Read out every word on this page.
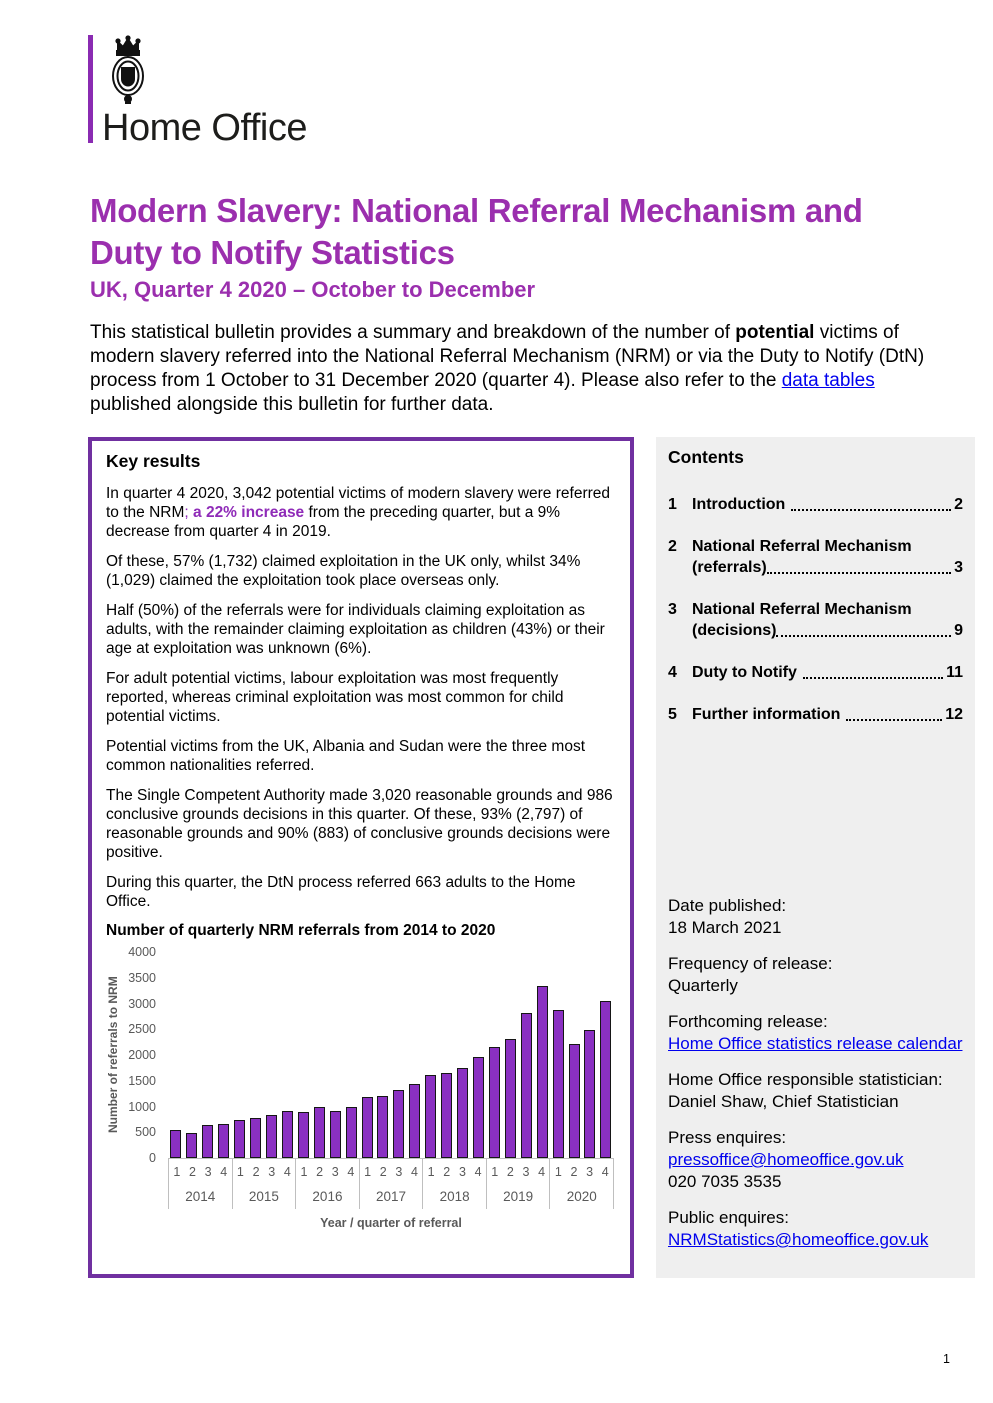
Home Office
Modern Slavery: National Referral Mechanism and Duty to Notify Statistics
UK, Quarter 4 2020 – October to December

This statistical bulletin provides a summary and breakdown of the number of potential victims of modern slavery referred into the National Referral Mechanism (NRM) or via the Duty to Notify (DtN) process from 1 October to 31 December 2020 (quarter 4). Please also refer to the data tables published alongside this bulletin for further data.

Key results

In quarter 4 2020, 3,042 potential victims of modern slavery were referred to the NRM; a 22% increase from the preceding quarter, but a 9% decrease from quarter 4 in 2019.

Of these, 57% (1,732) claimed exploitation in the UK only, whilst 34% (1,029) claimed the exploitation took place overseas only.

Half (50%) of the referrals were for individuals claiming exploitation as adults, with the remainder claiming exploitation as children (43%) or their age at exploitation was unknown (6%).

For adult potential victims, labour exploitation was most frequently reported, whereas criminal exploitation was most common for child potential victims.

Potential victims from the UK, Albania and Sudan were the three most common nationalities referred.

The Single Competent Authority made 3,020 reasonable grounds and 986 conclusive grounds decisions in this quarter. Of these, 93% (2,797) of reasonable grounds and 90% (883) of conclusive grounds decisions were positive.

During this quarter, the DtN process referred 663 adults to the Home Office.

Number of quarterly NRM referrals from 2014 to 2020
Number of referrals to NRM
4000
3500
3000
2500
2000
1500
1000
500
0
1 2 3 4
2014
1 2 3 4
2015
1 2 3 4
2016
1 2 3 4
2017
1 2 3 4
2018
1 2 3 4
2019
1 2 3 4
2020
Year / quarter of referral
Contents
1 Introduction	2
2 National Referral Mechanism
(referrals)	3
3 National Referral Mechanism
(decisions)	9
4 Duty to Notify	11
5 Further information	12
Date published:
18 March 2021
Frequency of release:
Quarterly
Forthcoming release:
Home Office statistics release calendar
Home Office responsible statistician:
Daniel Shaw, Chief Statistician
Press enquires:
pressoffice@homeoffice.gov.uk
020 7035 3535
Public enquires:
NRMStatistics@homeoffice.gov.uk
1
